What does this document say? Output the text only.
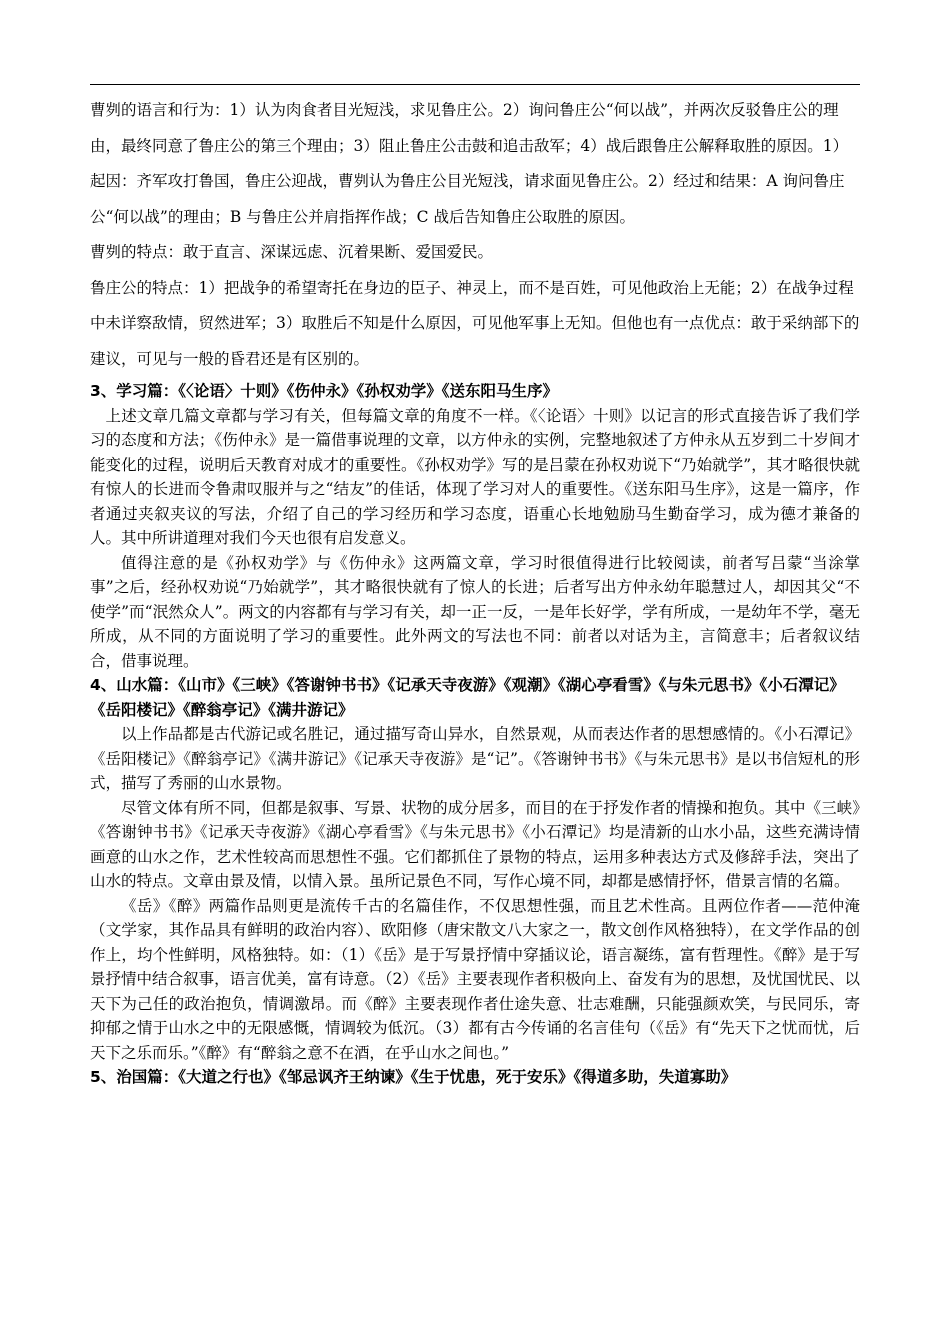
曹刿的语言和行为：1）认为肉食者目光短浅，求见鲁庄公。2）询问鲁庄公“何以战”，并两次反驳鲁庄公的理由，最终同意了鲁庄公的第三个理由；3）阻止鲁庄公击鼓和追击敌军；4）战后跟鲁庄公解释取胜的原因。1）起因：齐军攻打鲁国，鲁庄公迎战，曹刿认为鲁庄公目光短浅，请求面见鲁庄公。2）经过和结果：A 询问鲁庄公“何以战”的理由；B 与鲁庄公并肩指挥作战；C 战后告知鲁庄公取胜的原因。

曹刿的特点：敢于直言、深谋远虑、沉着果断、爱国爱民。

鲁庄公的特点：1）把战争的希望寄托在身边的臣子、神灵上，而不是百姓，可见他政治上无能；2）在战争过程中未详察敌情，贸然进军；3）取胜后不知是什么原因，可见他军事上无知。但他也有一点优点：敢于采纳部下的建议，可见与一般的昏君还是有区别的。

3、学习篇：《〈论语〉十则》《伤仲永》《孙权劝学》《送东阳马生序》

上述文章几篇文章都与学习有关，但每篇文章的角度不一样。《〈论语〉十则》以记言的形式直接告诉了我们学习的态度和方法；《伤仲永》是一篇借事说理的文章，以方仲永的实例，完整地叙述了方仲永从五岁到二十岁间才能变化的过程，说明后天教育对成才的重要性。《孙权劝学》写的是吕蒙在孙权劝说下“乃始就学”，其才略很快就有惊人的长进而令鲁肃叹服并与之“结友”的佳话，体现了学习对人的重要性。《送东阳马生序》，这是一篇序，作者通过夹叙夹议的写法，介绍了自己的学习经历和学习态度，语重心长地勉励马生勤奋学习，成为德才兼备的人。其中所讲道理对我们今天也很有启发意义。

值得注意的是《孙权劝学》与《伤仲永》这两篇文章，学习时很值得进行比较阅读，前者写吕蒙“当涂掌事”之后，经孙权劝说“乃始就学”，其才略很快就有了惊人的长进；后者写出方仲永幼年聪慧过人，却因其父“不使学”而“泯然众人”。两文的内容都有与学习有关，却一正一反，一是年长好学，学有所成，一是幼年不学，毫无所成，从不同的方面说明了学习的重要性。此外两文的写法也不同：前者以对话为主，言简意丰；后者叙议结合，借事说理。

4、山水篇：《山市》《三峡》《答谢钟书书》《记承天寺夜游》《观潮》《湖心亭看雪》《与朱元思书》《小石潭记》《岳阳楼记》《醉翁亭记》《满井游记》

以上作品都是古代游记或名胜记，通过描写奇山异水，自然景观，从而表达作者的思想感情的。《小石潭记》《岳阳楼记》《醉翁亭记》《满井游记》《记承天寺夜游》是“记”。《答谢钟书书》《与朱元思书》是以书信短札的形式，描写了秀丽的山水景物。

尽管文体有所不同，但都是叙事、写景、状物的成分居多，而目的在于抒发作者的情操和抱负。其中《三峡》《答谢钟书书》《记承天寺夜游》《湖心亭看雪》《与朱元思书》《小石潭记》均是清新的山水小品，这些充满诗情画意的山水之作，艺术性较高而思想性不强。它们都抓住了景物的特点，运用多种表达方式及修辞手法，突出了山水的特点。文章由景及情，以情入景。虽所记景色不同，写作心境不同，却都是感情抒怀，借景言情的名篇。

《岳》《醉》两篇作品则更是流传千古的名篇佳作，不仅思想性强，而且艺术性高。且两位作者——范仲淹（文学家，其作品具有鲜明的政治内容）、欧阳修（唐宋散文八大家之一，散文创作风格独特），在文学作品的创作上，均个性鲜明，风格独特。如：（1）《岳》是于写景抒情中穿插议论，语言凝练，富有哲理性。《醉》是于写景抒情中结合叙事，语言优美，富有诗意。（2）《岳》主要表现作者积极向上、奋发有为的思想，及忧国忧民、以天下为己任的政治抱负，情调激昂。而《醉》主要表现作者仕途失意、壮志难酬，只能强颜欢笑，与民同乐，寄抑郁之情于山水之中的无限感慨，情调较为低沉。（3）都有古今传诵的名言佳句（《岳》有“先天下之忧而忧，后天下之乐而乐。”《醉》有“醉翁之意不在酒，在乎山水之间也。”

5、治国篇：《大道之行也》《邹忌讽齐王纳谏》《生于忧患，死于安乐》《得道多助，失道寡助》
